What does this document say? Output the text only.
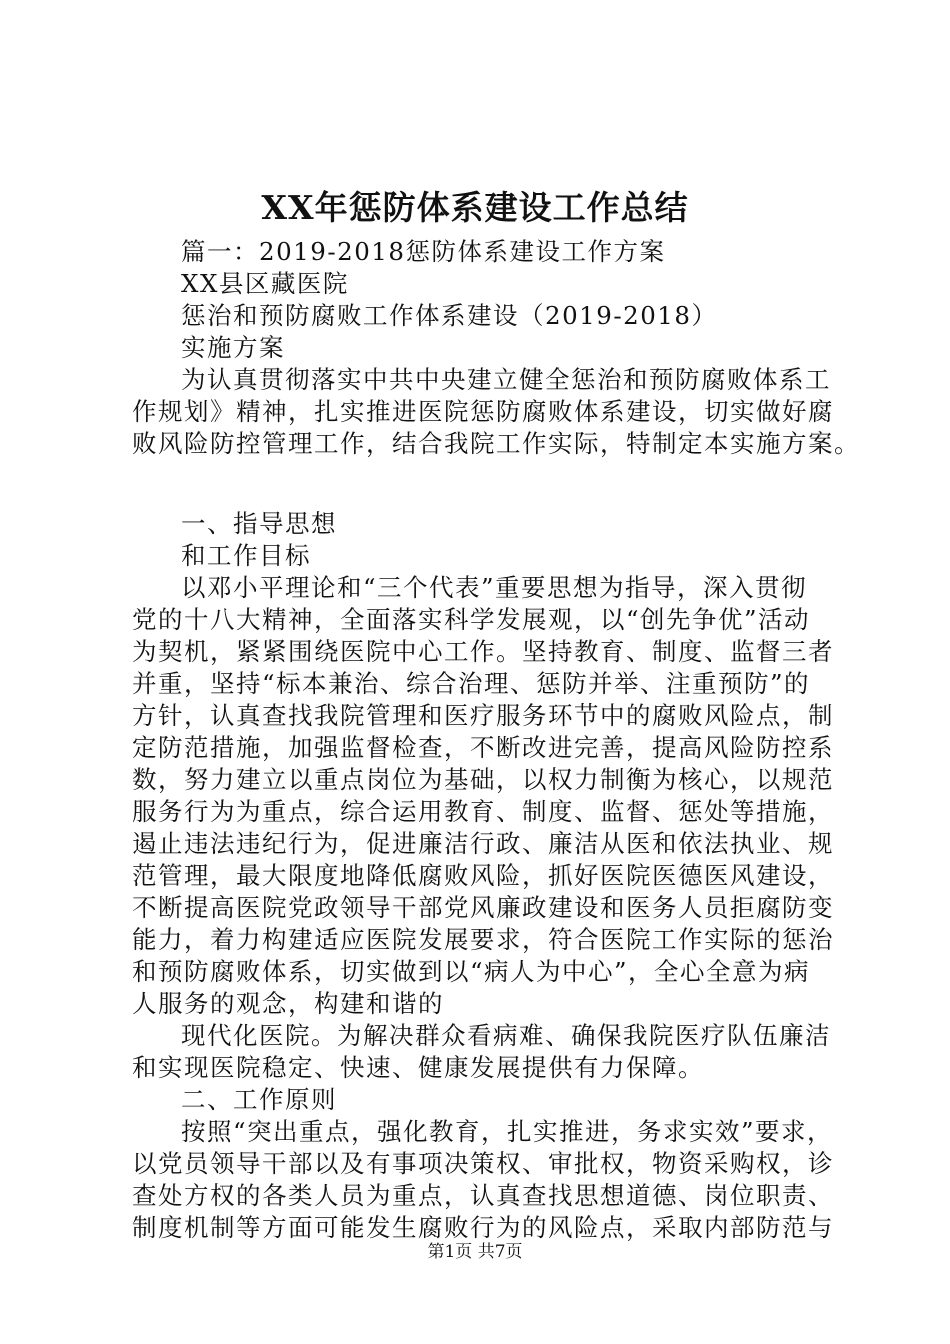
XX年惩防体系建设工作总结
篇一：2019-2018惩防体系建设工作方案
XX县区藏医院
惩治和预防腐败工作体系建设（2019-2018）
实施方案
为认真贯彻落实中共中央建立健全惩治和预防腐败体系工
作规划》精神，扎实推进医院惩防腐败体系建设，切实做好腐
败风险防控管理工作，结合我院工作实际，特制定本实施方案。
一、指导思想
和工作目标
以邓小平理论和“三个代表”重要思想为指导，深入贯彻
党的十八大精神，全面落实科学发展观，以“创先争优”活动
为契机，紧紧围绕医院中心工作。坚持教育、制度、监督三者
并重，坚持“标本兼治、综合治理、惩防并举、注重预防”的
方针，认真查找我院管理和医疗服务环节中的腐败风险点，制
定防范措施，加强监督检查，不断改进完善，提高风险防控系
数，努力建立以重点岗位为基础，以权力制衡为核心，以规范
服务行为为重点，综合运用教育、制度、监督、惩处等措施，
遏止违法违纪行为，促进廉洁行政、廉洁从医和依法执业、规
范管理，最大限度地降低腐败风险，抓好医院医德医风建设，
不断提高医院党政领导干部党风廉政建设和医务人员拒腐防变
能力，着力构建适应医院发展要求，符合医院工作实际的惩治
和预防腐败体系，切实做到以“病人为中心”，全心全意为病
人服务的观念，构建和谐的
现代化医院。为解决群众看病难、确保我院医疗队伍廉洁
和实现医院稳定、快速、健康发展提供有力保障。
二、工作原则
按照“突出重点，强化教育，扎实推进，务求实效”要求，
以党员领导干部以及有事项决策权、审批权，物资采购权，诊
查处方权的各类人员为重点，认真查找思想道德、岗位职责、
制度机制等方面可能发生腐败行为的风险点，采取内部防范与
第1页 共7页
